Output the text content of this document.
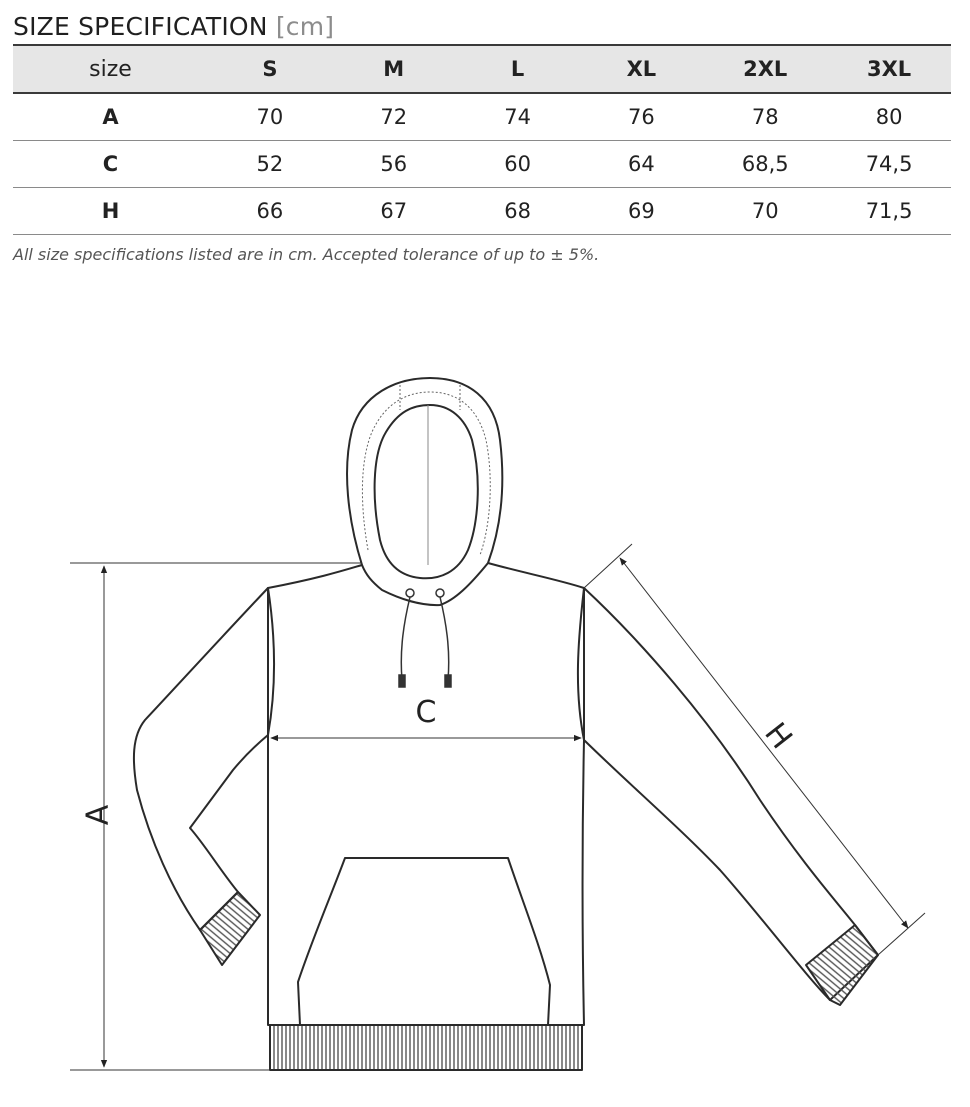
SIZE SPECIFICATION [cm]
size	S	M	L	XL	2XL	3XL
A	70	72	74	76	78	80
C	52	56	60	64	68,5	74,5
H	66	67	68	69	70	71,5
All size specifications listed are in cm. Accepted tolerance of up to ± 5%.
A
C
H
